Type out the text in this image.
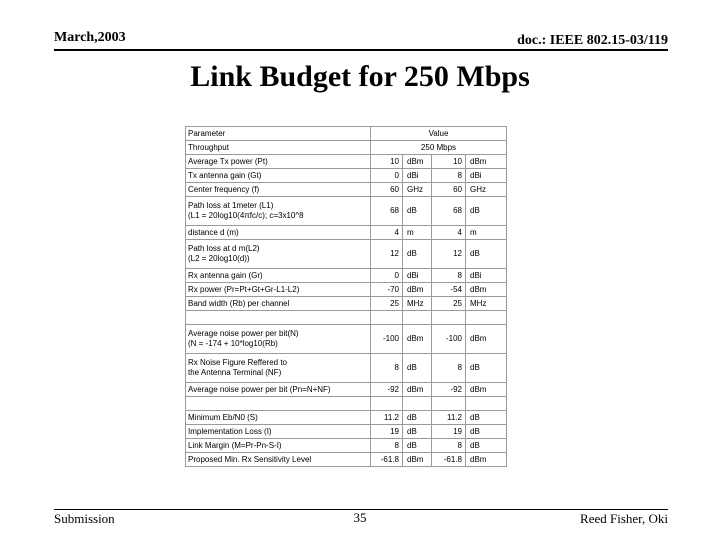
March,2003	doc.: IEEE 802.15-03/119
Link Budget for 250 Mbps
Parameter	Value			
Throughput	250 Mbps			

Average Tx power (Pt)	10	dBm	10	dBm

Tx antenna gain (Gt)	0	dBi	8	dBi

Center frequency (f)	60	GHz	60	GHz

Path loss at 1meter (L1)
(L1 = 20log10(4πfc/c); c=3x10^8	68	dB	68	dB

distance d (m)	4	m	4	m

Path loss at d m(L2)
(L2 = 20log10(d))	12	dB	12	dB

Rx antenna gain (Gr)	0	dBi	8	dBi

Rx power (Pr=Pt+Gt+Gr-L1-L2)	-70	dBm	-54	dBm

Band width (Rb) per channel	25	MHz	25	MHz

Average noise power per bit(N)
(N = -174 + 10*log10(Rb)	-100	dBm	-100	dBm

Rx Noise Figure Reffered to
the Antenna Terminal (NF)	8	dB	8	dB

Average noise power per bit (Pn=N+NF)	-92	dBm	-92	dBm

Minimum Eb/N0 (S)	11.2	dB	11.2	dB

Implementation Loss (I)	19	dB	19	dB

Link Margin (M=Pr-Pn-S-I)	8	dB	8	dB

Proposed Min. Rx Sensitivity Level	-61.8	dBm	-61.8	dBm
Submission	35	Reed Fisher, Oki
